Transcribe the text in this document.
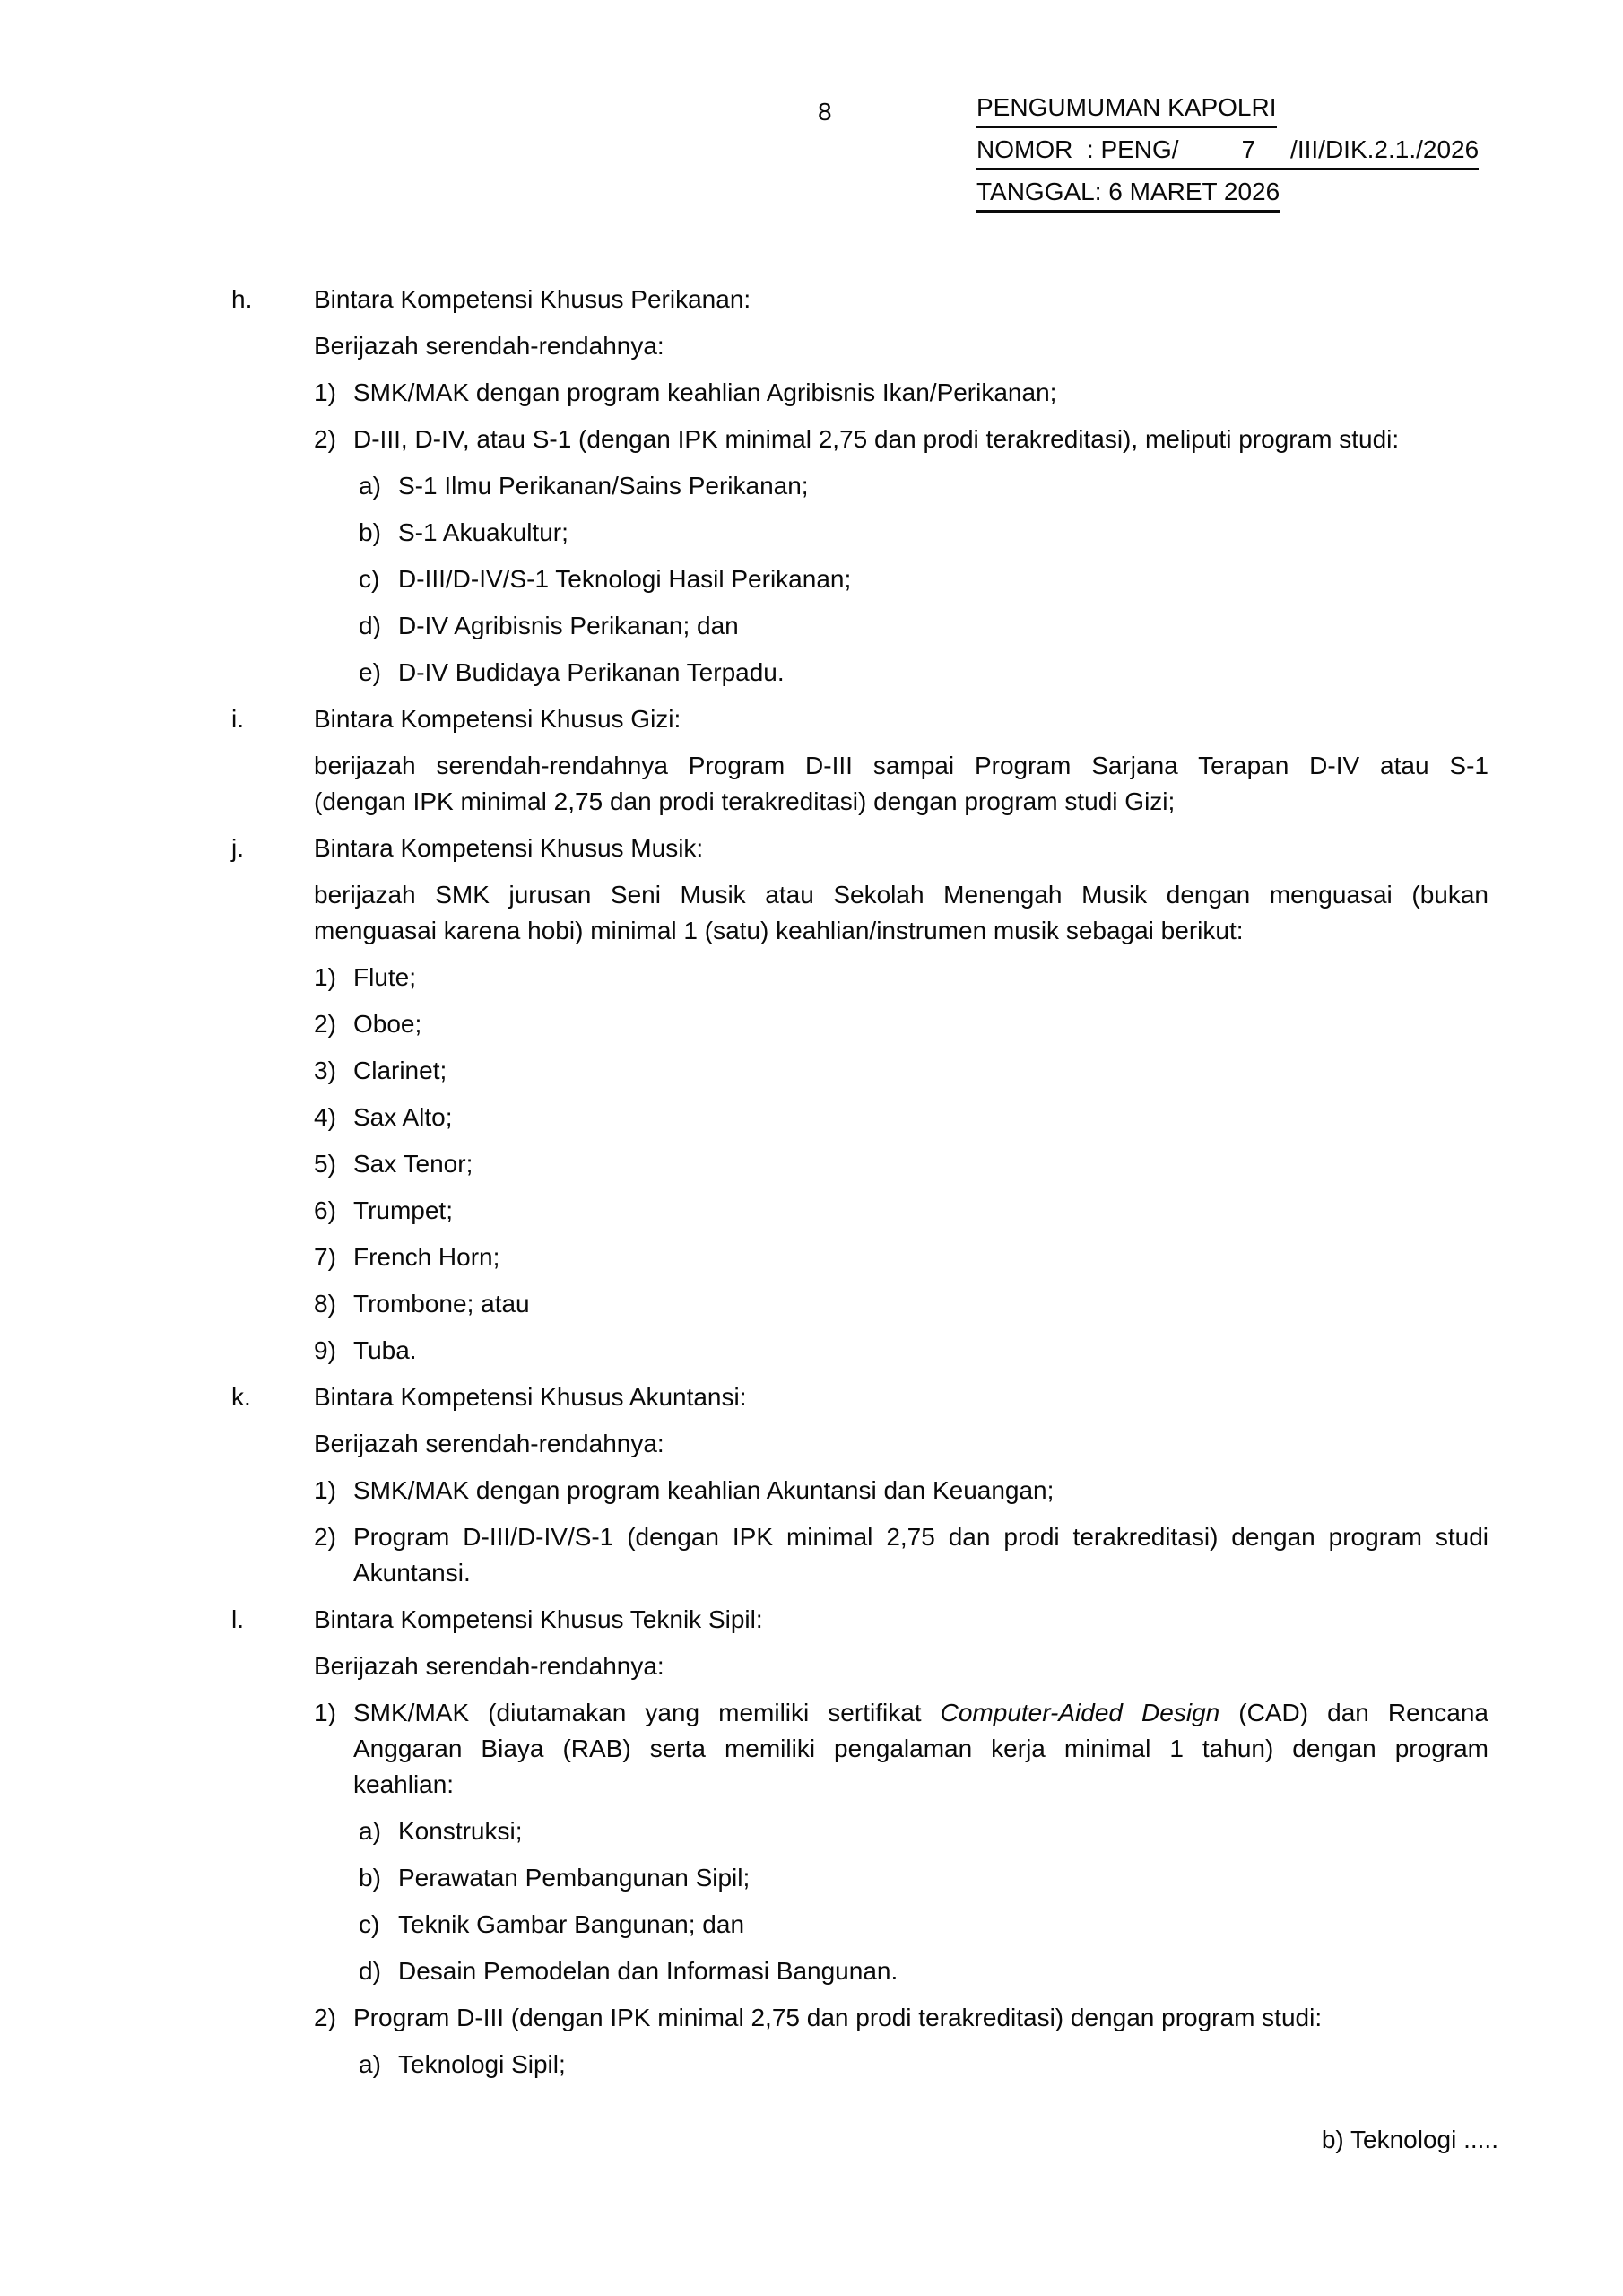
8	PENGUMUMAN KAPOLRI
NOMOR  : PENG/         7     /III/DIK.2.1./2026
TANGGAL: 6 MARET 2026
h. Bintara Kompetensi Khusus Perikanan:
Berijazah serendah-rendahnya:
1) SMK/MAK dengan program keahlian Agribisnis Ikan/Perikanan;
2) D-III, D-IV, atau S-1 (dengan IPK minimal 2,75 dan prodi terakreditasi), meliputi program studi:
a) S-1 Ilmu Perikanan/Sains Perikanan;
b) S-1 Akuakultur;
c) D-III/D-IV/S-1 Teknologi Hasil Perikanan;
d) D-IV Agribisnis Perikanan; dan
e) D-IV Budidaya Perikanan Terpadu.
i.	Bintara Kompetensi Khusus Gizi:
berijazah serendah-rendahnya Program D-III sampai Program Sarjana Terapan D-IV atau S-1
(dengan IPK minimal 2,75 dan prodi terakreditasi) dengan program studi Gizi;
j.	Bintara Kompetensi Khusus Musik:
berijazah SMK jurusan Seni Musik atau Sekolah Menengah Musik dengan menguasai (bukan
menguasai karena hobi) minimal 1 (satu) keahlian/instrumen musik sebagai berikut:
1) Flute;
2) Oboe;
3) Clarinet;
4) Sax Alto;
5) Sax Tenor;
6) Trumpet;
7) French Horn;
8) Trombone; atau
9) Tuba.
k.	Bintara Kompetensi Khusus Akuntansi:
Berijazah serendah-rendahnya:
1) SMK/MAK dengan program keahlian Akuntansi dan Keuangan;
2) Program D-III/D-IV/S-1 (dengan IPK minimal 2,75 dan prodi terakreditasi) dengan program studi
Akuntansi.
l.	Bintara Kompetensi Khusus Teknik Sipil:
Berijazah serendah-rendahnya:
1) SMK/MAK (diutamakan yang memiliki sertifikat Computer-Aided Design (CAD) dan Rencana
Anggaran Biaya (RAB) serta memiliki pengalaman kerja minimal 1 tahun) dengan program
keahlian:
a) Konstruksi;
b) Perawatan Pembangunan Sipil;
c) Teknik Gambar Bangunan; dan
d) Desain Pemodelan dan Informasi Bangunan.
2) Program D-III (dengan IPK minimal 2,75 dan prodi terakreditasi) dengan program studi:
a) Teknologi Sipil;
b) Teknologi .....
